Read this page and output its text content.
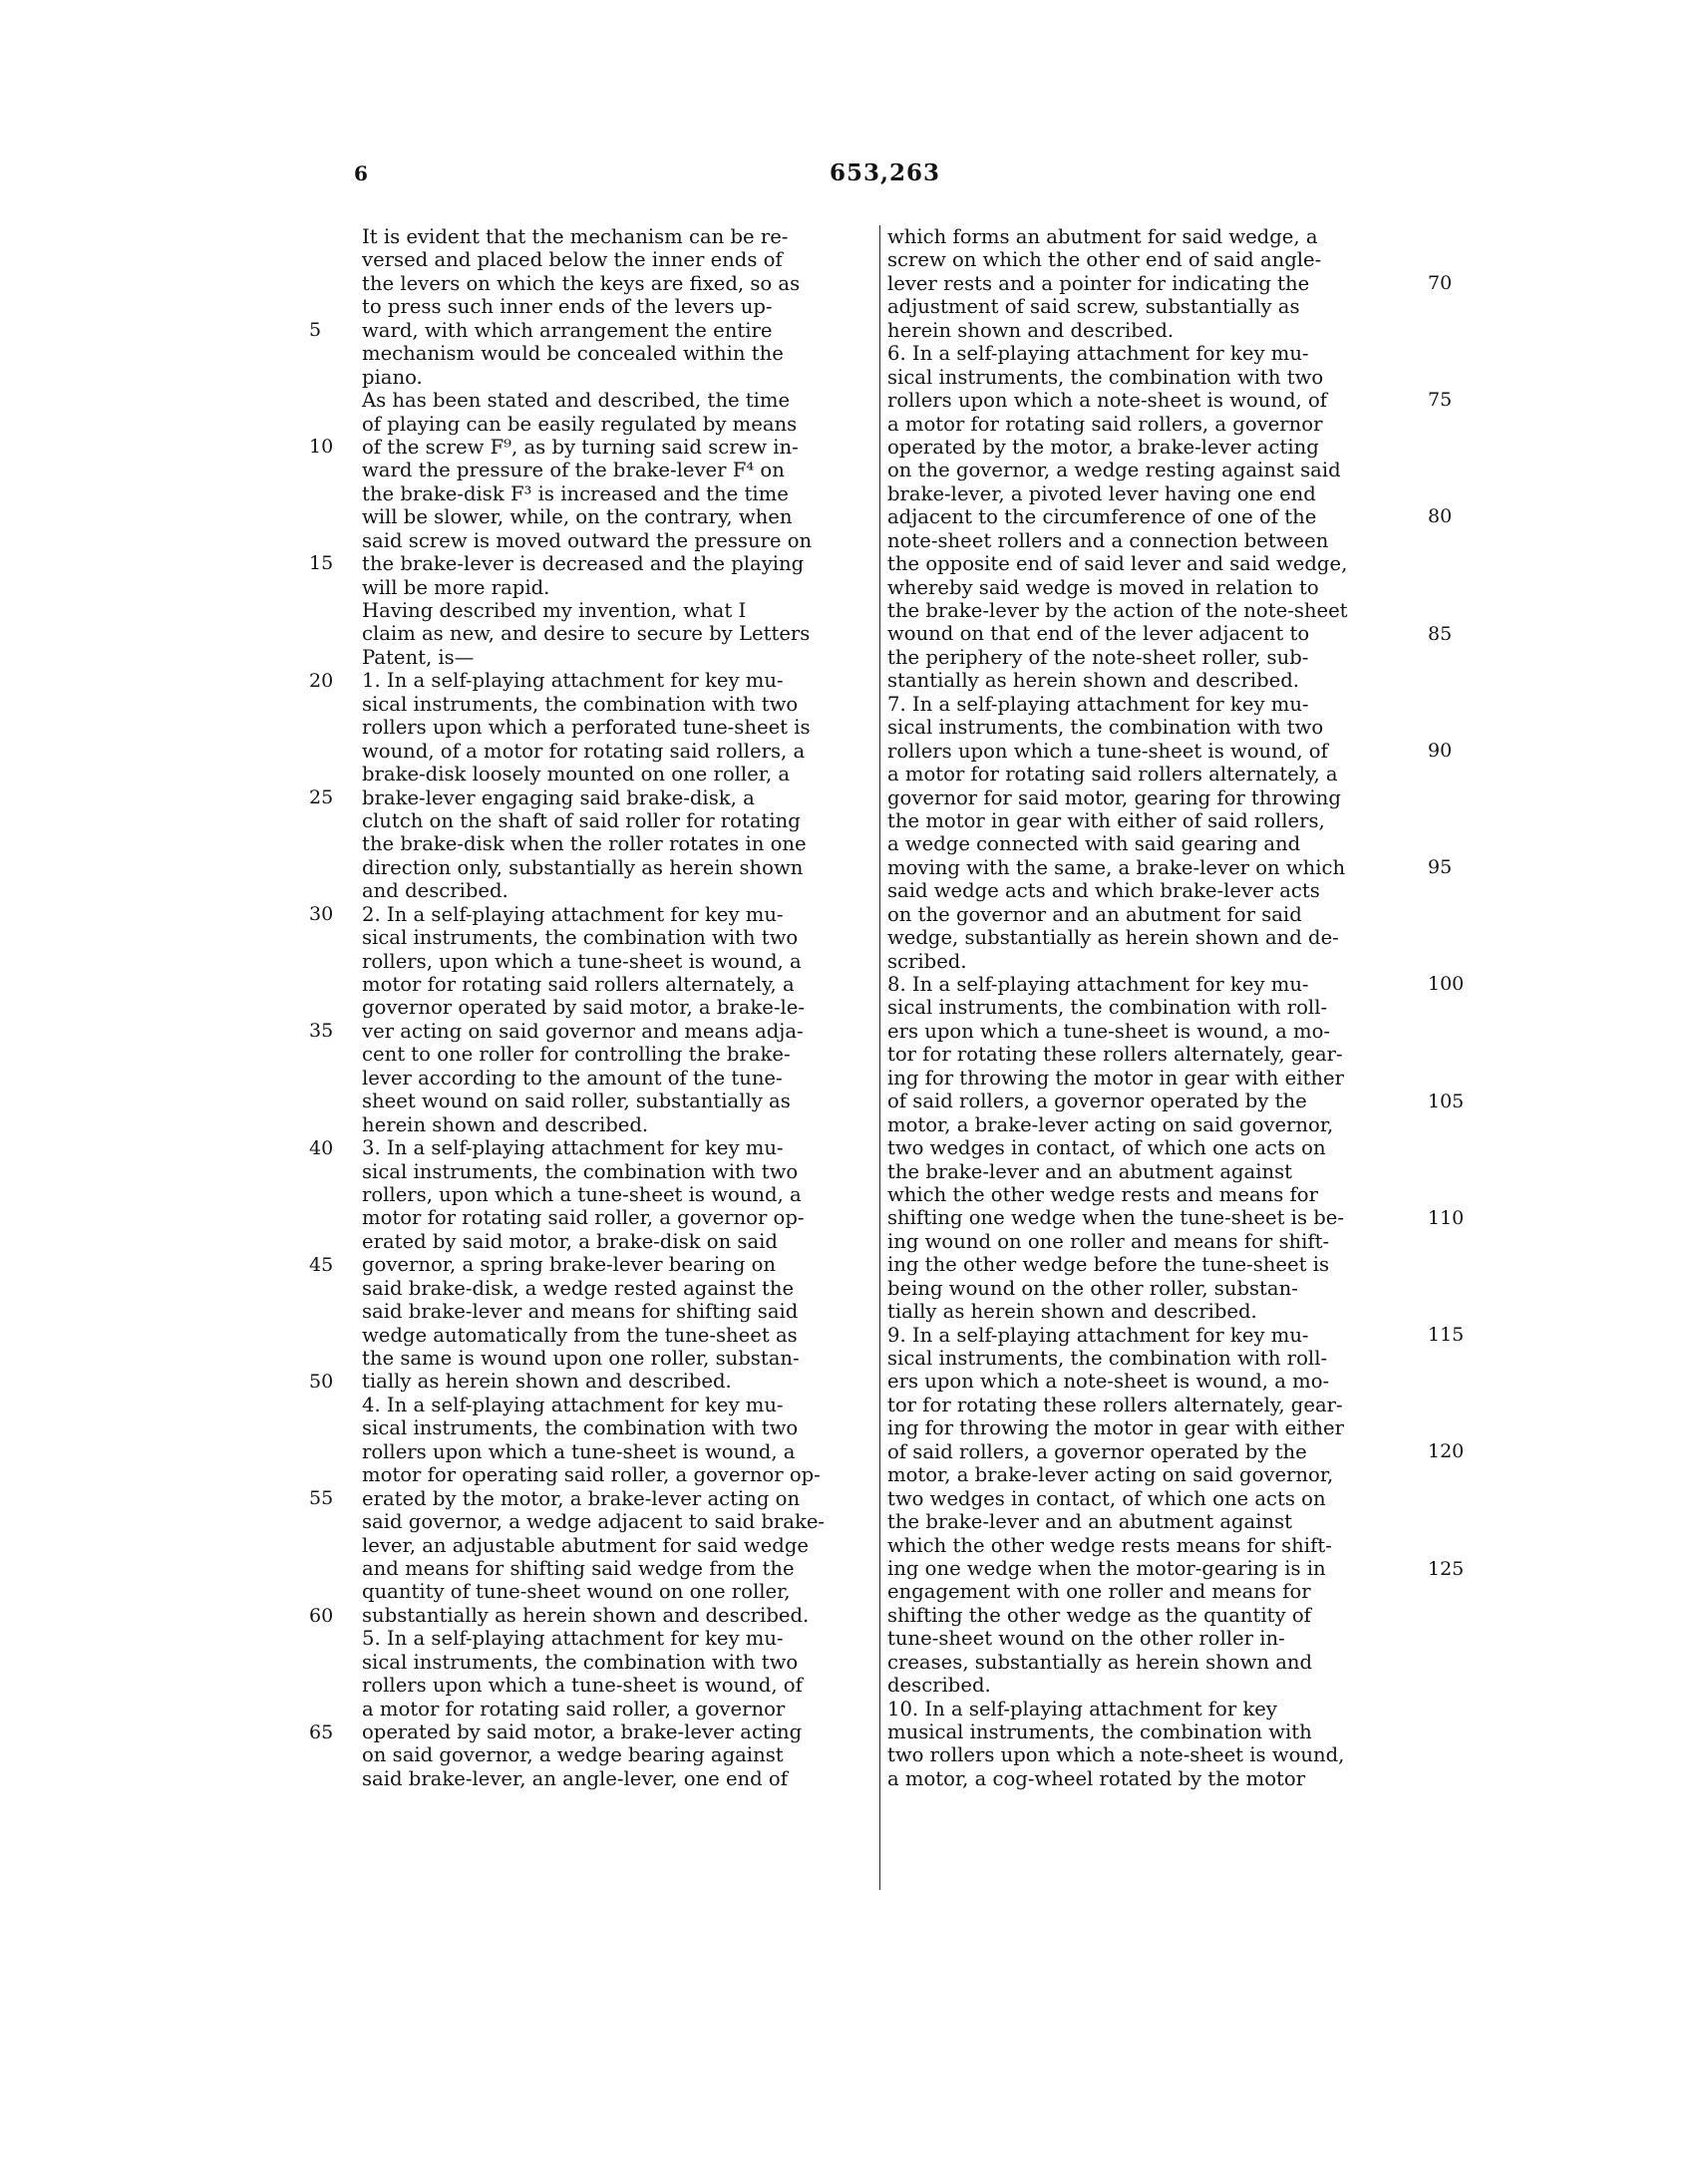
6	653,263
5
10
15
20
25
30
35
40
45
50
55
60
65
It is evident that the mechanism can be re-
versed and placed below the inner ends of
the levers on which the keys are fixed, so as
to press such inner ends of the levers up-
ward, with which arrangement the entire
mechanism would be concealed within the
piano.
As has been stated and described, the time
of playing can be easily regulated by means
of the screw F⁹, as by turning said screw in-
ward the pressure of the brake-lever F⁴ on
the brake-disk F³ is increased and the time
will be slower, while, on the contrary, when
said screw is moved outward the pressure on
the brake-lever is decreased and the playing
will be more rapid.
Having described my invention, what I
claim as new, and desire to secure by Letters
Patent, is—
1. In a self-playing attachment for key mu-
sical instruments, the combination with two
rollers upon which a perforated tune-sheet is
wound, of a motor for rotating said rollers, a
brake-disk loosely mounted on one roller, a
brake-lever engaging said brake-disk, a
clutch on the shaft of said roller for rotating
the brake-disk when the roller rotates in one
direction only, substantially as herein shown
and described.
2. In a self-playing attachment for key mu-
sical instruments, the combination with two
rollers, upon which a tune-sheet is wound, a
motor for rotating said rollers alternately, a
governor operated by said motor, a brake-le-
ver acting on said governor and means adja-
cent to one roller for controlling the brake-
lever according to the amount of the tune-
sheet wound on said roller, substantially as
herein shown and described.
3. In a self-playing attachment for key mu-
sical instruments, the combination with two
rollers, upon which a tune-sheet is wound, a
motor for rotating said roller, a governor op-
erated by said motor, a brake-disk on said
governor, a spring brake-lever bearing on
said brake-disk, a wedge rested against the
said brake-lever and means for shifting said
wedge automatically from the tune-sheet as
the same is wound upon one roller, substan-
tially as herein shown and described.
4. In a self-playing attachment for key mu-
sical instruments, the combination with two
rollers upon which a tune-sheet is wound, a
motor for operating said roller, a governor op-
erated by the motor, a brake-lever acting on
said governor, a wedge adjacent to said brake-
lever, an adjustable abutment for said wedge
and means for shifting said wedge from the
quantity of tune-sheet wound on one roller,
substantially as herein shown and described.
5. In a self-playing attachment for key mu-
sical instruments, the combination with two
rollers upon which a tune-sheet is wound, of
a motor for rotating said roller, a governor
operated by said motor, a brake-lever acting
on said governor, a wedge bearing against
said brake-lever, an angle-lever, one end of
which forms an abutment for said wedge, a
screw on which the other end of said angle-
lever rests and a pointer for indicating the
adjustment of said screw, substantially as
herein shown and described.
6. In a self-playing attachment for key mu-
sical instruments, the combination with two
rollers upon which a note-sheet is wound, of
a motor for rotating said rollers, a governor
operated by the motor, a brake-lever acting
on the governor, a wedge resting against said
brake-lever, a pivoted lever having one end
adjacent to the circumference of one of the
note-sheet rollers and a connection between
the opposite end of said lever and said wedge,
whereby said wedge is moved in relation to
the brake-lever by the action of the note-sheet
wound on that end of the lever adjacent to
the periphery of the note-sheet roller, sub-
stantially as herein shown and described.
7. In a self-playing attachment for key mu-
sical instruments, the combination with two
rollers upon which a tune-sheet is wound, of
a motor for rotating said rollers alternately, a
governor for said motor, gearing for throwing
the motor in gear with either of said rollers,
a wedge connected with said gearing and
moving with the same, a brake-lever on which
said wedge acts and which brake-lever acts
on the governor and an abutment for said
wedge, substantially as herein shown and de-
scribed.
8. In a self-playing attachment for key mu-
sical instruments, the combination with roll-
ers upon which a tune-sheet is wound, a mo-
tor for rotating these rollers alternately, gear-
ing for throwing the motor in gear with either
of said rollers, a governor operated by the
motor, a brake-lever acting on said governor,
two wedges in contact, of which one acts on
the brake-lever and an abutment against
which the other wedge rests and means for
shifting one wedge when the tune-sheet is be-
ing wound on one roller and means for shift-
ing the other wedge before the tune-sheet is
being wound on the other roller, substan-
tially as herein shown and described.
9. In a self-playing attachment for key mu-
sical instruments, the combination with roll-
ers upon which a note-sheet is wound, a mo-
tor for rotating these rollers alternately, gear-
ing for throwing the motor in gear with either
of said rollers, a governor operated by the
motor, a brake-lever acting on said governor,
two wedges in contact, of which one acts on
the brake-lever and an abutment against
which the other wedge rests means for shift-
ing one wedge when the motor-gearing is in
engagement with one roller and means for
shifting the other wedge as the quantity of
tune-sheet wound on the other roller in-
creases, substantially as herein shown and
described.
10. In a self-playing attachment for key
musical instruments, the combination with
two rollers upon which a note-sheet is wound,
a motor, a cog-wheel rotated by the motor
70
75
80
85
90
95
100
105
110
115
120
125
